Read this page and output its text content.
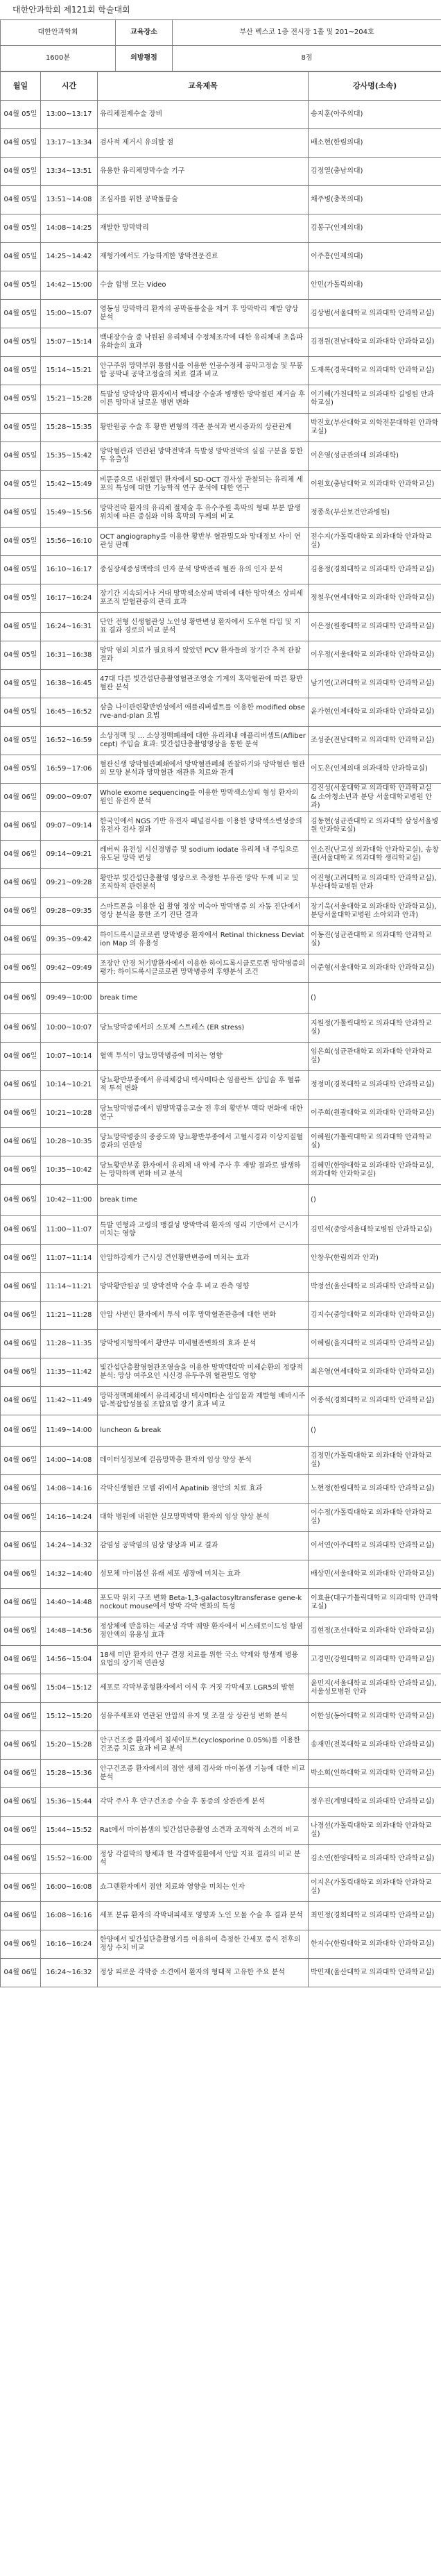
대한안과학회 제121회 학술대회
대한안과학회	교육장소	부산 벡스코 1층 전시장 1홀 및 201~204호
1600분	의방평점	8점
월일	시간	교육제목	강사명(소속)
04월 05일	13:00~13:17	유리체절제수술 장비	송지훈(아주의대)
04월 05일	13:17~13:34	검사적 제거시 유의할 점	배소현(한림의대)
04월 05일	13:34~13:51	유용한 유리체망막수술 기구	김정열(충남의대)
04월 05일	13:51~14:08	조심자를 위한 공막돌륭술	채주병(충북의대)
04월 05일	14:08~14:25	재발한 망막박리	김봉구(인제의대)
04월 05일	14:25~14:42	재형가예서도 가능하게한 망막전문진료	이주흥(인제의대)
04월 05일	14:42~15:00	수술 합병 모는 Video	안민(가톨릭의대)
04월 05일	15:00~15:07	영동성 망막박리 환자의 공막돌륭술을 제거 후 망막박리 재발 양상 분석	김상범(서울대학교 의과대학 안과학교실)
04월 05일	15:07~15:14	백내장수술 중 낙원된 유리체내 수정체조각에 대한 유리체내 초음파유화술의 효과	김경원(전남대학교 의과대학 안과학교실)
04월 05일	15:14~15:21	안구주위 망막부위 통합시를 이용한 인공수정체 공막고정술 및 무봉합 공막내 공막고정술의 치료 결과 비교	도재록(경북대학교 의과대학 안과학교실)
04월 05일	15:21~15:28	특발성 망막상막 환자에서 백내장 수술과 병행한 망막절편 제거술 후 이른 망막내 날로운 병변 변화	이기혜(가천대학교 의과대학 길병원 안과학교실)
04월 05일	15:28~15:35	황반원공 수술 후 황반 변형의 객관 분석과 변시증과의 상관관계	박진호(부산대학교 의학전문대학원 안과학교실)
04월 05일	15:35~15:42	망막혈관과 연관된 망막전막과 특발성 망막전막의 실질 구분을 통한 두 유출성	이은영(성균관의대 의과대학)
04월 05일	15:42~15:49	비뚠증으로 내원했던 환자에서 SD-OCT 검사상 관찰되는 유리체 세포의 특성에 대한 기능학적 연구 분석에 대한 연구	이원호(충남대학교 의과대학 안과학교실)
04월 05일	15:49~15:56	망막전막 환자의 유리체 절제술 후 유수주원 혹막의 형태 부분 발생 위치에 따른 중심와 이하 혹막의 두께의 비교	정종욱(부산보건안과병원)
04월 05일	15:56~16:10	OCT angiography를 이용한 황반부 혈관밀도와 망대정보 사이 연관성 판례	전수지(가톨릭대학교 의과대학 안과학교실)
04월 05일	16:10~16:17	중심장세증성맥락의 인자 분석 망막관리 혈관 유의 인자 분석	김용정(경희대학교 의과대학 안과학교실)
04월 05일	16:17~16:24	장기간 지속되거나 거대 망막색소상피 박리에 대한 망막색소 상피세포조직 발혈관증의 관리 효과	정철우(연세대학교 의과대학 안과학교실)
04월 05일	16:24~16:31	단안 전형 신생혈관성 노인성 황반변성 환자에서 도우현 타입 및 지표 결과 경로의 비교 분석	이은정(원광대학교 의과대학 안과학교실)
04월 05일	16:31~16:38	망막 염외 치료가 필요하지 않았던 PCV 환자들의 장기간 추적 관찰 결과	이우정(서울대학교 의과대학 안과학교실)
04월 05일	16:38~16:45	47대 다른 빛간섭단층촬영혈관조영술 기계의 혹막혈관에 따른 황반 혈관 분석	남기연(고려대학교 의과대학 안과학교실)
04월 05일	16:45~16:52	삼출 나이관련황반변성에서 애플리버셉트를 이용한 modified observe-and-plan 요법	윤가현(인제대학교 의과대학 안과학교실)
04월 05일	16:52~16:59	소상정맥 및 ... 소상정맥폐쇄에 대한 유리체내 애플리버셉트(Aflibercept) 주입술 효과: 빛간섭단층촬영영상을 통한 분석	조성준(전남대학교 의과대학 안과학교실)
04월 05일	16:59~17:06	혈관신생 망막혈관폐쇄에서 망막혈관폐쇄 관찰하기와 망막혈관 혈관의 모양 분석과 망막혈관 재관류 치료와 관계	이도은(인제의대 의과대학 안과학교실)
04월 06일	09:00~09:07	Whole exome sequencing를 이용한 망막색소상피 형성 환자의 원인 유전자 분석	김진성(서울대학교 의과대학 안과학교실 & 소아청소년과 분당 서울대학교병원 안과)
04월 06일	09:07~09:14	한국인에서 NGS 기반 유전자 패널검사를 이용한 망막색소변성증의 유전자 검사 결과	김동현(성균관대학교 의과대학 삼성서울병원 안과학교실)
04월 06일	09:14~09:21	레버씨 유전성 시신경병증 및 sodium iodate 유리체 내 주입으로 유도된 망막 변성	인소진(난고성 의과대학 안과학교실), 송창권(서울대학교 의과대학 생리학교실)
04월 06일	09:21~09:28	황반부 빛간섭단층촬영 영상으로 측정한 부유관 망막 두께 비교 및 조직학적 관련분석	이진형(고려대학교 의과대학 안과학교실), 부산대학교병원 안과
04월 06일	09:28~09:35	스마트폰을 이용한 쉽 촬영 정상 미숙아 망막병증 의 자동 진단에서 영상 분석을 통한 조기 진단 결과	장기욱(서울대학교 의과대학 안과학교실), 분당서울대학교병원 소아외과 안과)
04월 06일	09:35~09:42	하이드록시클로로퀸 망막병증 환자에서 Retinal thickness Deviation Map 의 유용성	이동진(성균관대학교 의과대학 안과학교실)
04월 06일	09:42~09:49	조장안 안경 처기방환자에서 이용한 하이드록시클로로퀸 망막병증의 평가: 하이드록시클로로퀸 망막병증의 후행분석 조건	이준형(서울대학교 의과대학 안과학교실)
04월 06일	09:49~10:00	break time	()
04월 06일	10:00~10:07	당뇨망막증에서의 소포체 스트레스 (ER stress)	지원정(가톨릭대학교 의과대학 안과학교실)
04월 06일	10:07~10:14	혈액 투석이 당뇨망막병증에 미치는 영향	임은희(성균관대학교 의과대학 안과학교실)
04월 06일	10:14~10:21	당뇨황반부종에서 유리체강내 덱사메타손 임플란트 삽입술 후 혈류적 투석 변화	정정미(경북대학교 의과대학 안과학교실)
04월 06일	10:21~10:28	당뇨망막병증에서 범망막광응고술 전 후의 황반부 맥락 변화에 대한 연구	이주희(원광대학교 의과대학 안과학교실)
04월 06일	10:28~10:35	당뇨망막병증의 중증도와 당뇨황반부종에서 고혈시경과 이상지질혈증과의 연관성	이혜원(가톨릭대학교 의과대학 안과학교실)
04월 06일	10:35~10:42	당뇨황반부종 환자에서 유리체 내 약제 주사 후 재발 결과로 발생하는 망막하액 변화 비교 분석	김혜민(한양대학교 의과대학 안과학교실, 의과대학 안과학교실)
04월 06일	10:42~11:00	break time	()
04월 06일	11:00~11:07	특발 연형과 고령의 맹결성 망막박리 환자의 영리 기반에서 근시가 미치는 영향	김민석(중앙서울대학교병원 안과학교실)
04월 06일	11:07~11:14	안압하강제가 근시성 견인황반변증에 미치는 효과	안창우(한림의과 안과)
04월 06일	11:14~11:21	망막황반원공 및 망막전막 수술 후 비교 관측 영향	박정선(울산대학교 의과대학 안과학교실)
04월 06일	11:21~11:28	안압 사변인 환자에서 투석 이후 망막혈관관층에 대한 변화	김지수(중앙대학교 의과대학 안과학교실)
04월 06일	11:28~11:35	망막병지형학에서 황반부 미세혈관변화의 효과 분석	이혜림(을지대학교 의과대학 안과학교실)
04월 06일	11:35~11:42	빛간섭단층촬영혈관조영술을 이용한 망막맥락막 미세순환의 정량적 분석: 망상 여주요인 시신경 유두주위 혈관밀도 영향	최은영(연세대학교 의과대학 안과학교실)
04월 06일	11:42~11:49	망막정맥폐쇄에서 유리체강내 덱사메타손 삽입물과 재발형 베바시주맙-복잡합성물질 조합요법 장기 효과 비교	이종석(경희대학교 의과대학 안과학교실)
04월 06일	11:49~14:00	luncheon & break	()
04월 06일	14:00~14:08	데이터성정보에 걸음망막층 환자의 임상 양상 분석	김정민(가톨릭대학교 의과대학 안과학교실)
04월 06일	14:08~14:16	각막신생혈관 모델 쥐에서 Apatinib 점안의 치료 효과	노현정(한림대학교 의과대학 안과학교실)
04월 06일	14:16~14:24	대학 병원에 내원한 실모망막박막 환자의 임상 양상 분석	이수정(가톨릭대학교 의과대학 안과학교실)
04월 06일	14:24~14:32	감염성 공막염의 임상 양상과 비교 결과	이서연(아주대학교 의과대학 안과학교실)
04월 06일	14:32~14:40	섬모체 마이봄선 유래 세포 생장에 미치는 효과	배상민(서울대학교 의과대학 안과학교실)
04월 06일	14:40~14:48	포도막 위치 구조 변화 Beta-1,3-galactosyltransferase gene-knockout mouse에서 망막 각막 변화의 특성	이효윤(대구가톨릭대학교 의과대학 안과학교실)
04월 06일	14:48~14:56	정상체에 반응하는 세균성 각막 궤양 환자에서 비스테로이드성 항염 점안액의 유용성 효과	김현정(조선대학교 의과대학 안과학교실)
04월 06일	14:56~15:04	18세 미만 환자의 안구 결정 치료를 위한 국소 약제와 항생제 병용 요법의 장기적 연관성	고경민(강원대학교 의과대학 안과학교실)
04월 06일	15:04~15:12	세포로 각막부종형환자에서 이식 후 거짓 각막세포 LGR5의 발현	윤민지(서울대학교 의과대학 안과학교실), 서울성모병원 안과
04월 06일	15:12~15:20	섬유주세포와 연관된 안압의 유지 및 조절 상 상관성 변화 분석	이한성(동아대학교 의과대학 안과학교실)
04월 06일	15:20~15:28	안구건조증 환자에서 침세이포트(cyclosporine 0.05%)를 이용한 건조증 치료 효과 비교 분석	송재민(전북대학교 의과대학 안과학교실)
04월 06일	15:28~15:36	안구건조증 환자에서의 점안 생체 검사와 마이봄샘 기능에 대한 비교 분석	박소희(인하대학교 의과대학 안과학교실)
04월 06일	15:36~15:44	각막 주사 후 안구건조증 수술 후 통증의 상관관계 분석	정우진(계명대학교 의과대학 안과학교실)
04월 06일	15:44~15:52	Rat에서 마이봄샘의 빛간섭단층촬영 소견과 조직학적 소견의 비교	나경선(가톨릭대학교 의과대학 안과학교실)
04월 06일	15:52~16:00	정상 각결막의 항체과 한 각결막질환에서 안압 지표 결과의 비교 분석	김소연(한양대학교 의과대학 안과학교실)
04월 06일	16:00~16:08	쇼그렌환자에서 점안 치료와 영향을 미치는 인자	이지은(가톨릭대학교 의과대학 안과학교실)
04월 06일	16:08~16:16	세포 분류 환자의 각막내피세포 영향과 노인 모물 수술 후 결과 분석	최민정(경희대학교 의과대학 안과학교실)
04월 06일	16:16~16:24	한양에서 빛간섭단층촬영기를 이용하여 측정한 간세포 증식 전후의 정상 수치 비교	한지수(한림대학교 의과대학 안과학교실)
04월 06일	16:24~16:32	정상 피로운 각막증 소견에서 환자의 형태적 고유한 주요 분석	박민재(울산대학교 의과대학 안과학교실)
